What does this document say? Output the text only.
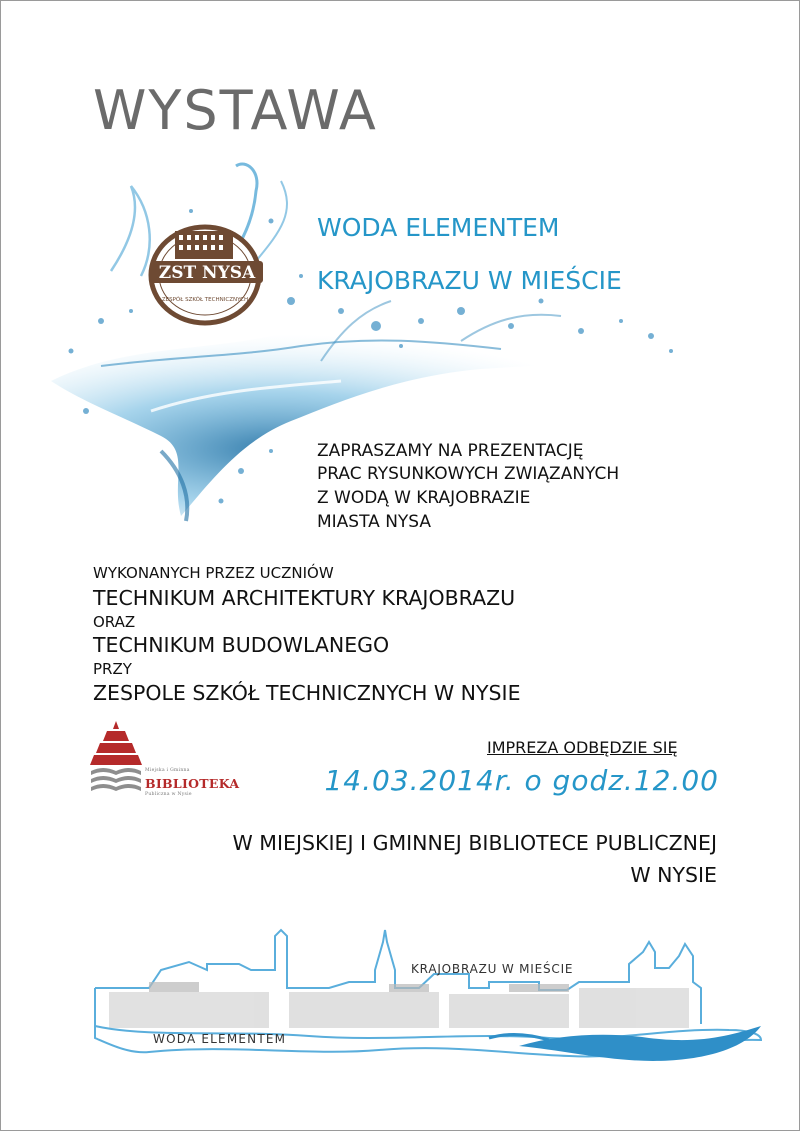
ZST NYSA
ZESPÓŁ SZKÓŁ TECHNICZNYCH
WYSTAWA
WODA ELEMENTEM
KRAJOBRAZU W MIEŚCIE
ZAPRASZAMY NA PREZENTACJĘ
PRAC RYSUNKOWYCH ZWIĄZANYCH
Z WODĄ W KRAJOBRAZIE
MIASTA NYSA
WYKONANYCH PRZEZ UCZNIÓW
TECHNIKUM ARCHITEKTURY KRAJOBRAZU
ORAZ
TECHNIKUM BUDOWLANEGO
PRZY
ZESPOLE SZKÓŁ TECHNICZNYCH W NYSIE
Miejska i Gminna
BIBLIOTEKA
Publiczna w Nysie
IMPREZA ODBĘDZIE SIĘ
14.03.2014r. o godz.12.00
W MIEJSKIEJ I GMINNEJ BIBLIOTECE PUBLICZNEJ
W NYSIE
KRAJOBRAZU W MIEŚCIE
WODA ELEMENTEM
